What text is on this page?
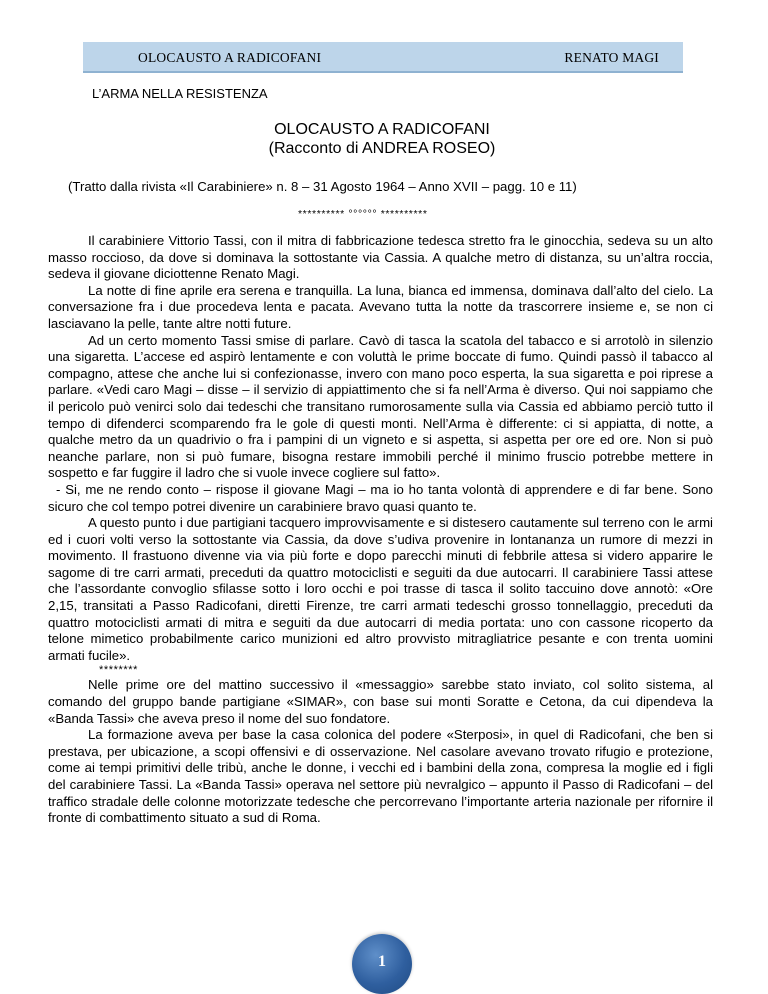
OLOCAUSTO A RADICOFANI	RENATO MAGI
L’ARMA NELLA RESISTENZA
OLOCAUSTO A RADICOFANI
(Racconto di ANDREA ROSEO)
(Tratto dalla rivista «Il Carabiniere» n. 8 – 31 Agosto 1964 – Anno XVII – pagg. 10 e 11)
********** °°°°°° **********

Il carabiniere Vittorio Tassi, con il mitra di fabbricazione tedesca stretto fra le ginocchia, sedeva su un alto masso roccioso, da dove si dominava la sottostante via Cassia. A qualche metro di distanza, su un’altra roccia, sedeva il giovane diciottenne Renato Magi.

La notte di fine aprile era serena e tranquilla. La luna, bianca ed immensa, dominava dall’alto del cielo. La conversazione fra i due procedeva lenta e pacata. Avevano tutta la notte da trascorrere insieme e, se non ci lasciavano la pelle, tante altre notti future.

Ad un certo momento Tassi smise di parlare. Cavò di tasca la scatola del tabacco e si arrotolò in silenzio una sigaretta. L’accese ed aspirò lentamente e con voluttà le prime boccate di fumo. Quindi passò il tabacco al compagno, attese che anche lui si confezionasse, invero con mano poco esperta, la sua sigaretta e poi riprese a parlare. «Vedi caro Magi – disse – il servizio di appiattimento che si fa nell’Arma è diverso. Qui noi sappiamo che il pericolo può venirci solo dai tedeschi che transitano rumorosamente sulla via Cassia ed abbiamo perciò tutto il tempo di difenderci scomparendo fra le gole di questi monti. Nell’Arma è differente: ci si appiatta, di notte, a qualche metro da un quadrivio o fra i pampini di un vigneto e si aspetta, si aspetta per ore ed ore. Non si può neanche parlare, non si può fumare, bisogna restare immobili perché il minimo fruscio potrebbe mettere in sospetto e far fuggire il ladro che si vuole invece cogliere sul fatto».

- Si, me ne rendo conto – rispose il giovane Magi – ma io ho tanta volontà di apprendere e di far bene. Sono sicuro che col tempo potrei divenire un carabiniere bravo quasi quanto te.

A questo punto i due partigiani tacquero improvvisamente e si distesero cautamente sul terreno con le armi ed i cuori volti verso la sottostante via Cassia, da dove s’udiva provenire in lontananza un rumore di mezzi in movimento. Il frastuono divenne via via più forte e dopo parecchi minuti di febbrile attesa si videro apparire le sagome di tre carri armati, preceduti da quattro motociclisti e seguiti da due autocarri. Il carabiniere Tassi attese che l’assordante convoglio sfilasse sotto i loro occhi e poi trasse di tasca il solito taccuino dove annotò: «Ore 2,15, transitati a Passo Radicofani, diretti Firenze, tre carri armati tedeschi grosso tonnellaggio, preceduti da quattro motociclisti armati di mitra e seguiti da due autocarri di media portata: uno con cassone ricoperto da telone mimetico probabilmente carico munizioni ed altro provvisto mitragliatrice pesante e con trenta uomini armati fucile».

********

Nelle prime ore del mattino successivo il «messaggio» sarebbe stato inviato, col solito sistema, al comando del gruppo bande partigiane «SIMAR», con base sui monti Soratte e Cetona, da cui dipendeva la «Banda Tassi» che aveva preso il nome del suo fondatore.

La formazione aveva per base la casa colonica del podere «Sterposi», in quel di Radicofani, che ben si prestava, per ubicazione, a scopi offensivi e di osservazione. Nel casolare avevano trovato rifugio e protezione, come ai tempi primitivi delle tribù, anche le donne, i vecchi ed i bambini della zona, compresa la moglie ed i figli del carabiniere Tassi. La «Banda Tassi» operava nel settore più nevralgico – appunto il Passo di Radicofani – del traffico stradale delle colonne motorizzate tedesche che percorrevano l’importante arteria nazionale per rifornire il fronte di combattimento situato a sud di Roma.

1
